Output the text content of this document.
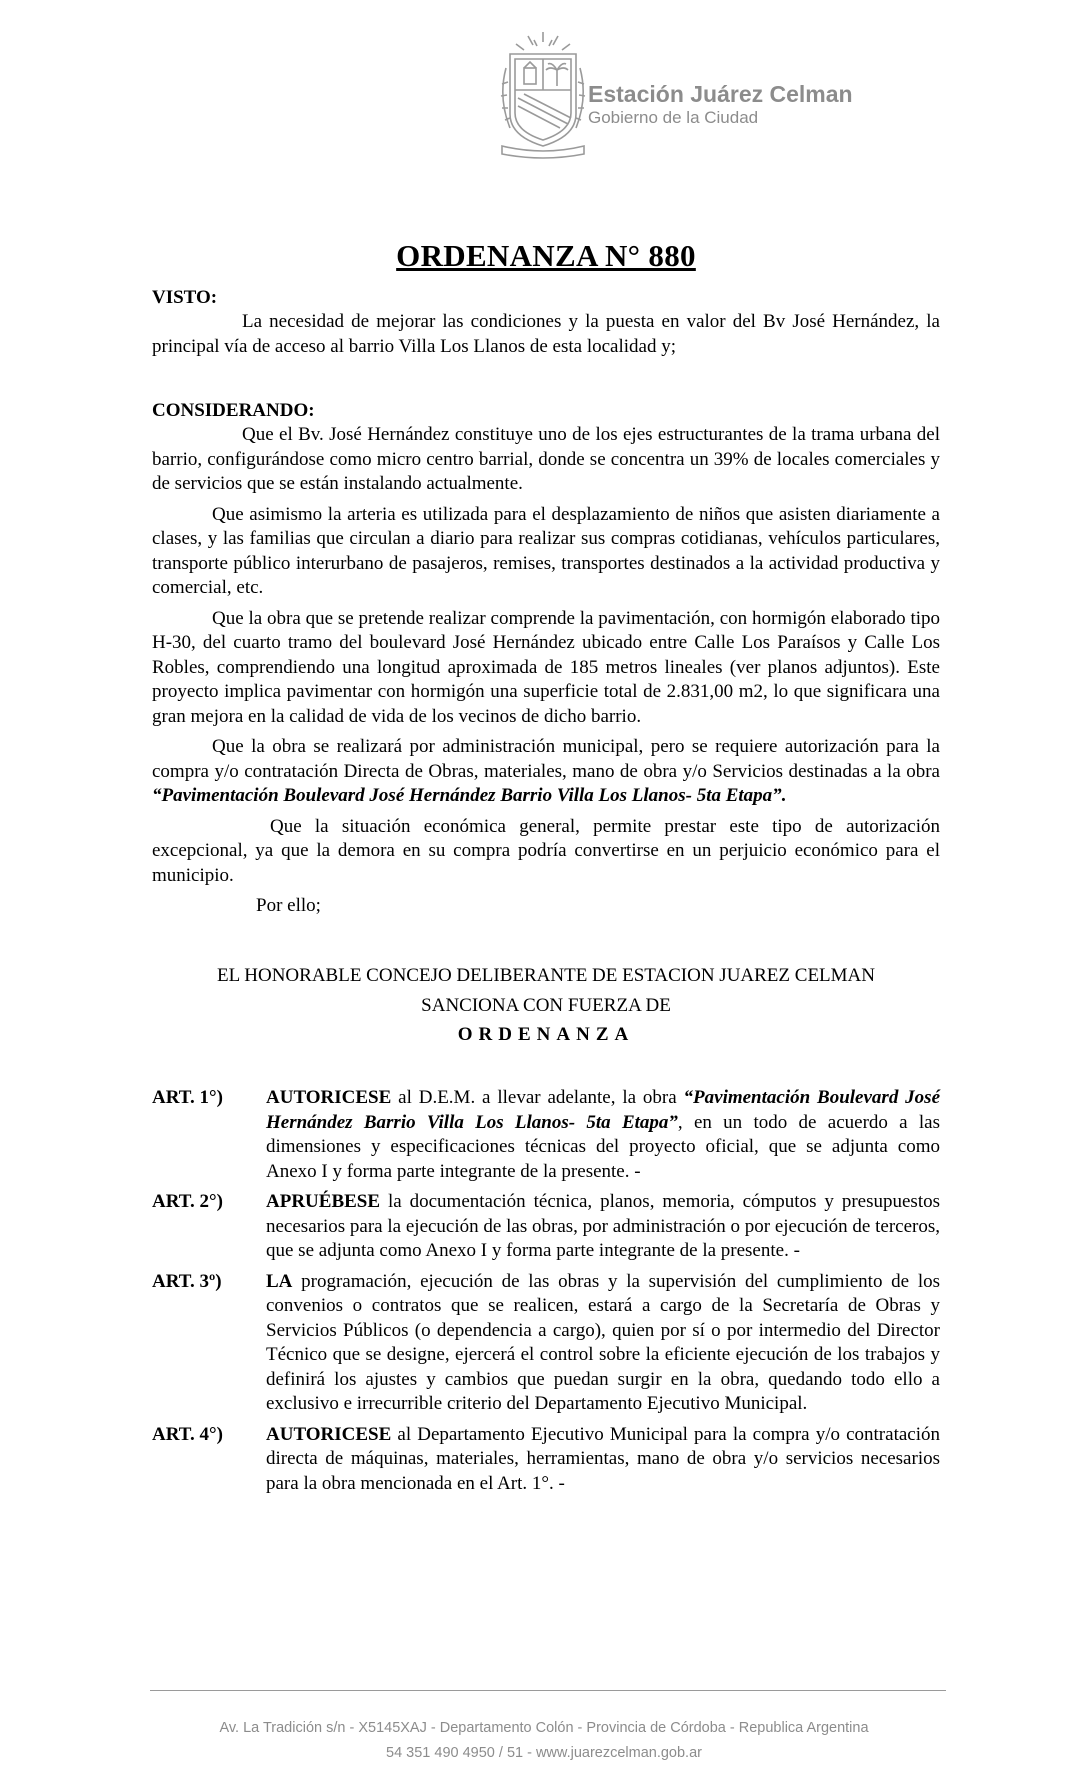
Estación Juárez Celman
Gobierno de la Ciudad
ORDENANZA N° 880
VISTO:

La necesidad de mejorar las condiciones y la puesta en valor del Bv José Hernández, la principal vía de acceso al barrio Villa Los Llanos de esta localidad y;

CONSIDERANDO:

Que el Bv. José Hernández constituye uno de los ejes estructurantes de la trama urbana del barrio, configurándose como micro centro barrial, donde se concentra un 39% de locales comerciales y de servicios que se están instalando actualmente.

Que asimismo la arteria es utilizada para el desplazamiento de niños que asisten diariamente a clases, y las familias que circulan a diario para realizar sus compras cotidianas, vehículos particulares, transporte público interurbano de pasajeros, remises, transportes destinados a la actividad productiva y comercial, etc.

Que la obra que se pretende realizar comprende la pavimentación, con hormigón elaborado tipo H-30, del cuarto tramo del boulevard José Hernández ubicado entre Calle Los Paraísos y Calle Los Robles, comprendiendo una longitud aproximada de 185 metros lineales (ver planos adjuntos). Este proyecto implica pavimentar con hormigón una superficie total de 2.831,00 m2, lo que significara una gran mejora en la calidad de vida de los vecinos de dicho barrio.

Que la obra se realizará por administración municipal, pero se requiere autorización para la compra y/o contratación Directa de Obras, materiales, mano de obra y/o Servicios destinadas a la obra “Pavimentación Boulevard José Hernández Barrio Villa Los Llanos- 5ta Etapa”.

Que la situación económica general, permite prestar este tipo de autorización excepcional, ya que la demora en su compra podría convertirse en un perjuicio económico para el municipio.

Por ello;
EL HONORABLE CONCEJO DELIBERANTE DE ESTACION JUAREZ CELMAN
SANCIONA CON FUERZA DE
ORDENANZA
ART. 1°) AUTORICESE al D.E.M. a llevar adelante, la obra “Pavimentación Boulevard José Hernández Barrio Villa Los Llanos- 5ta Etapa”, en un todo de acuerdo a las dimensiones y especificaciones técnicas del proyecto oficial, que se adjunta como Anexo I y forma parte integrante de la presente. -
ART. 2°) APRUÉBESE la documentación técnica, planos, memoria, cómputos y presupuestos necesarios para la ejecución de las obras, por administración o por ejecución de terceros, que se adjunta como Anexo I y forma parte integrante de la presente. -
ART. 3º) LA programación, ejecución de las obras y la supervisión del cumplimiento de los convenios o contratos que se realicen, estará a cargo de la Secretaría de Obras y Servicios Públicos (o dependencia a cargo), quien por sí o por intermedio del Director Técnico que se designe, ejercerá el control sobre la eficiente ejecución de los trabajos y definirá los ajustes y cambios que puedan surgir en la obra, quedando todo ello a exclusivo e irrecurrible criterio del Departamento Ejecutivo Municipal.
ART. 4°) AUTORICESE al Departamento Ejecutivo Municipal para la compra y/o contratación directa de máquinas, materiales, herramientas, mano de obra y/o servicios necesarios para la obra mencionada en el Art. 1°. -
Av. La Tradición s/n - X5145XAJ - Departamento Colón - Provincia de Córdoba - Republica Argentina
54 351 490 4950 / 51 - www.juarezcelman.gob.ar
